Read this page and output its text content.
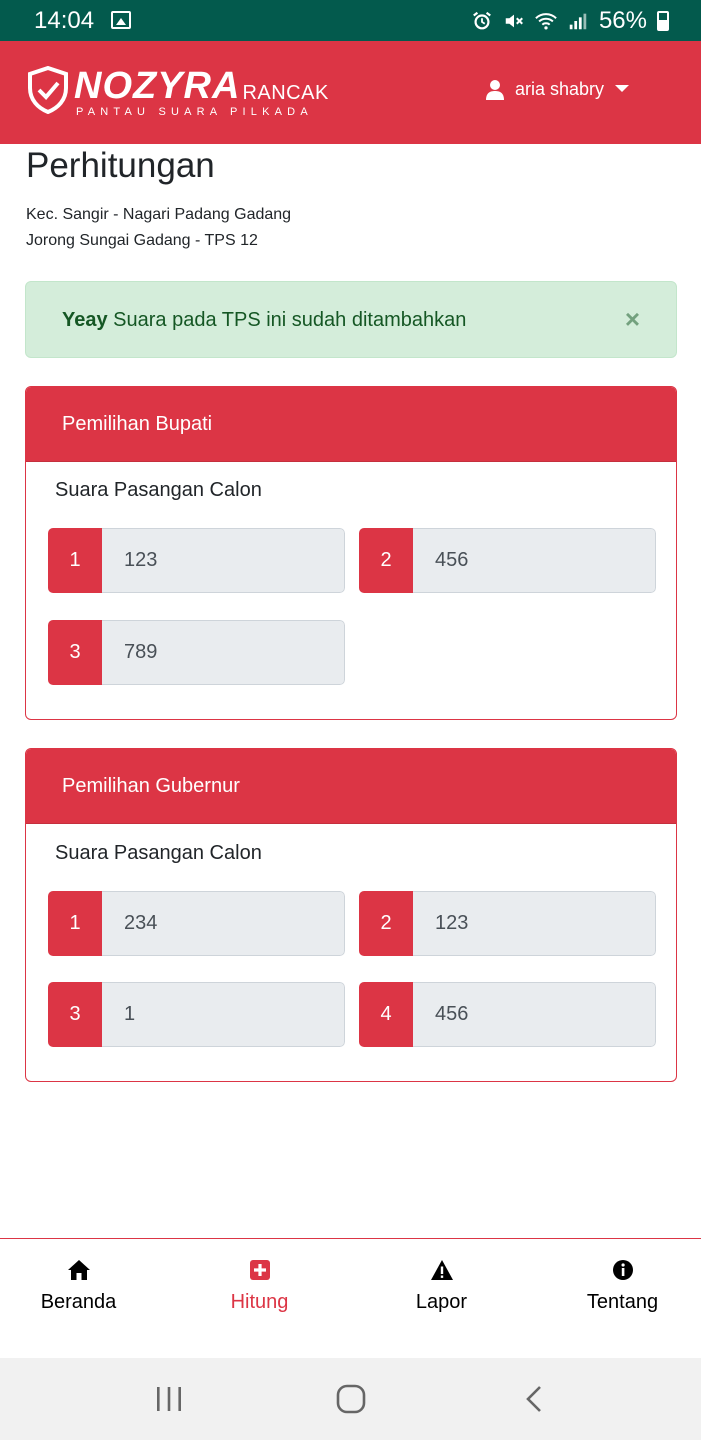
14:04	56%
NOZYRA RANCAK
PANTAU SUARA PILKADA
aria shabry
Perhitungan
Kec. Sangir - Nagari Padang Gadang
Jorong Sungai Gadang - TPS 12
Yeay Suara pada TPS ini sudah ditambahkan	×
Pemilihan Bupati
Suara Pasangan Calon
1	123	2	456
3	789
Pemilihan Gubernur
Suara Pasangan Calon
1	234	2	123
3	1	4	456
Beranda	Hitung	Lapor	Tentang
